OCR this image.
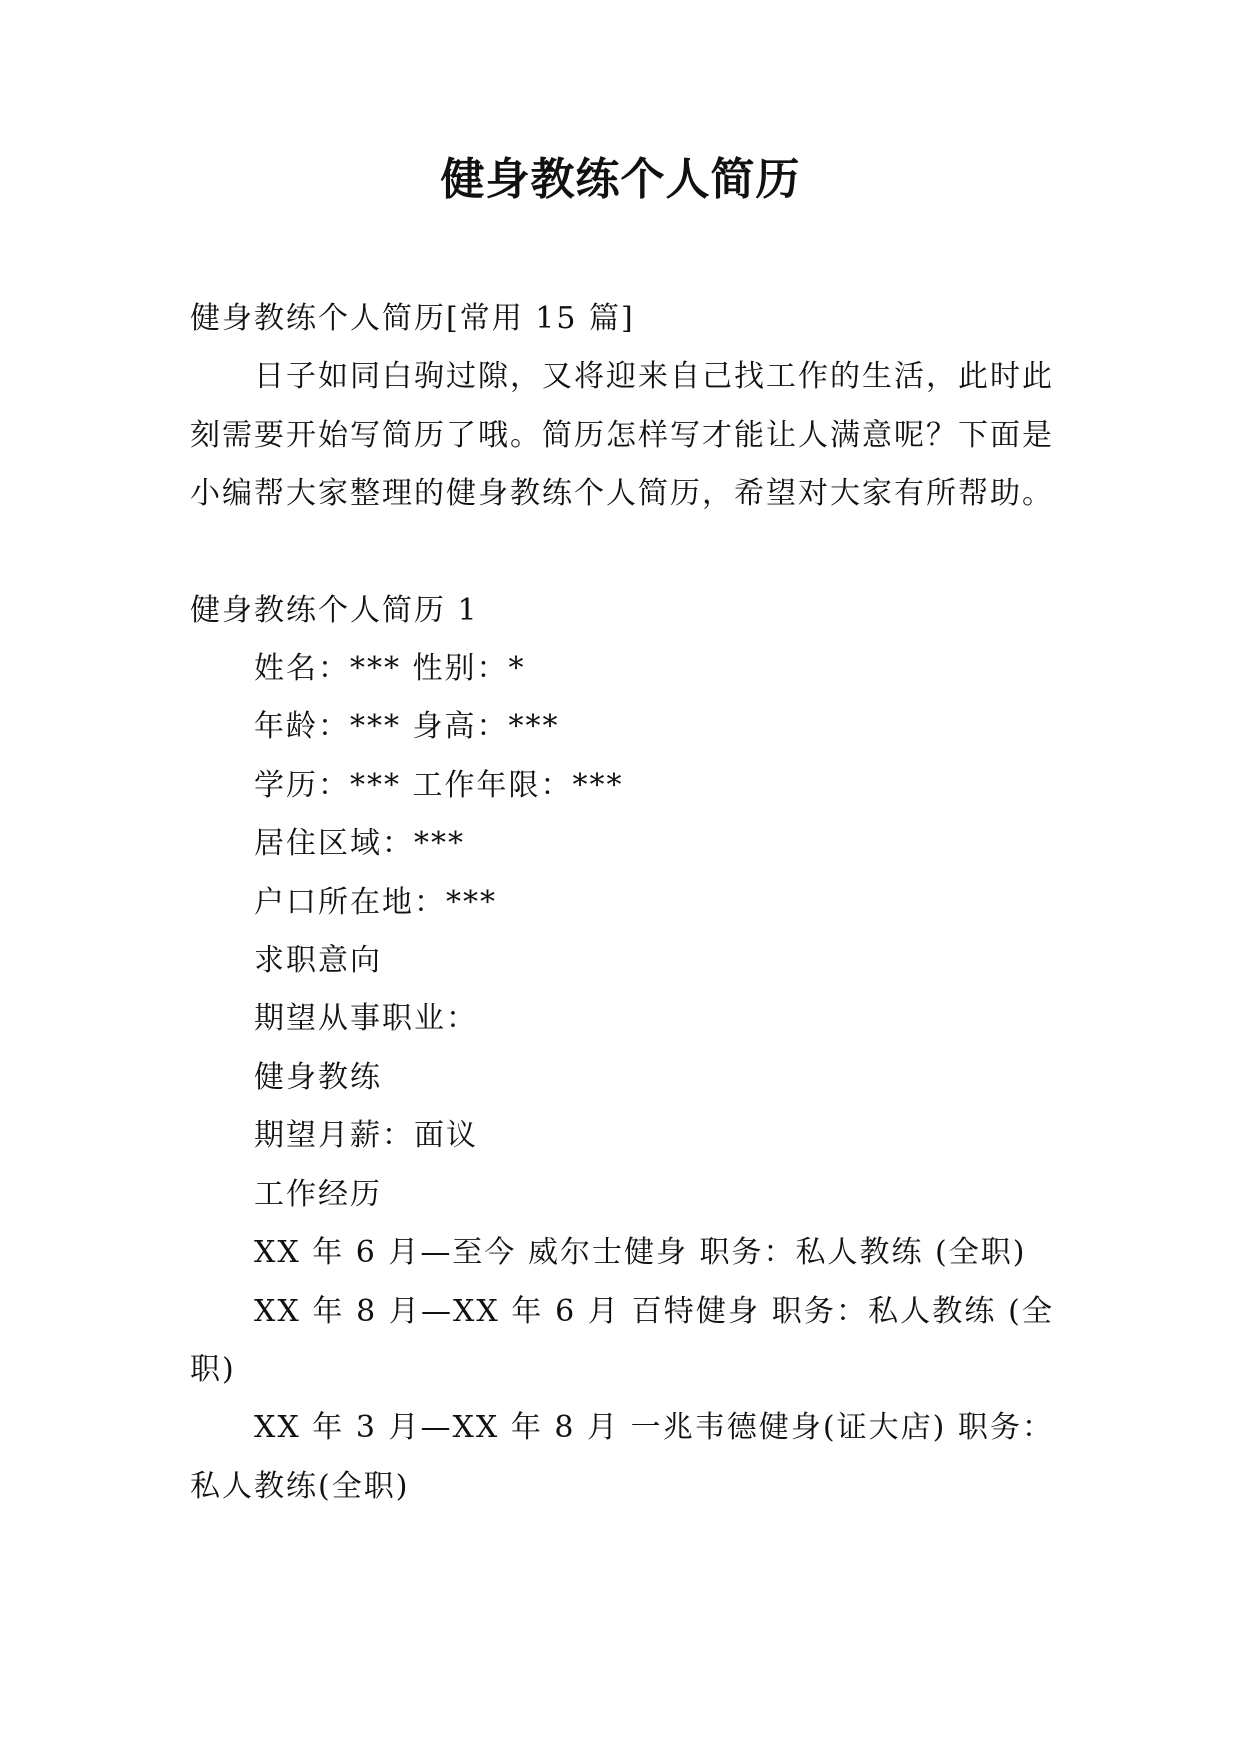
健身教练个人简历

健身教练个人简历[常用 15 篇]

日子如同白驹过隙，又将迎来自己找工作的生活，此时此刻需要开始写简历了哦。简历怎样写才能让人满意呢？下面是小编帮大家整理的健身教练个人简历，希望对大家有所帮助。

健身教练个人简历 1

姓名：*** 性别：*

年龄：*** 身高：***

学历：*** 工作年限：***

居住区域：***

户口所在地：***

求职意向

期望从事职业：

健身教练

期望月薪：面议

工作经历

XX 年 6 月—至今 威尔士健身 职务：私人教练 (全职)

XX 年 8 月—XX 年 6 月 百特健身 职务：私人教练 (全职)

XX 年 3 月—XX 年 8 月 一兆韦德健身(证大店) 职务：私人教练(全职)
